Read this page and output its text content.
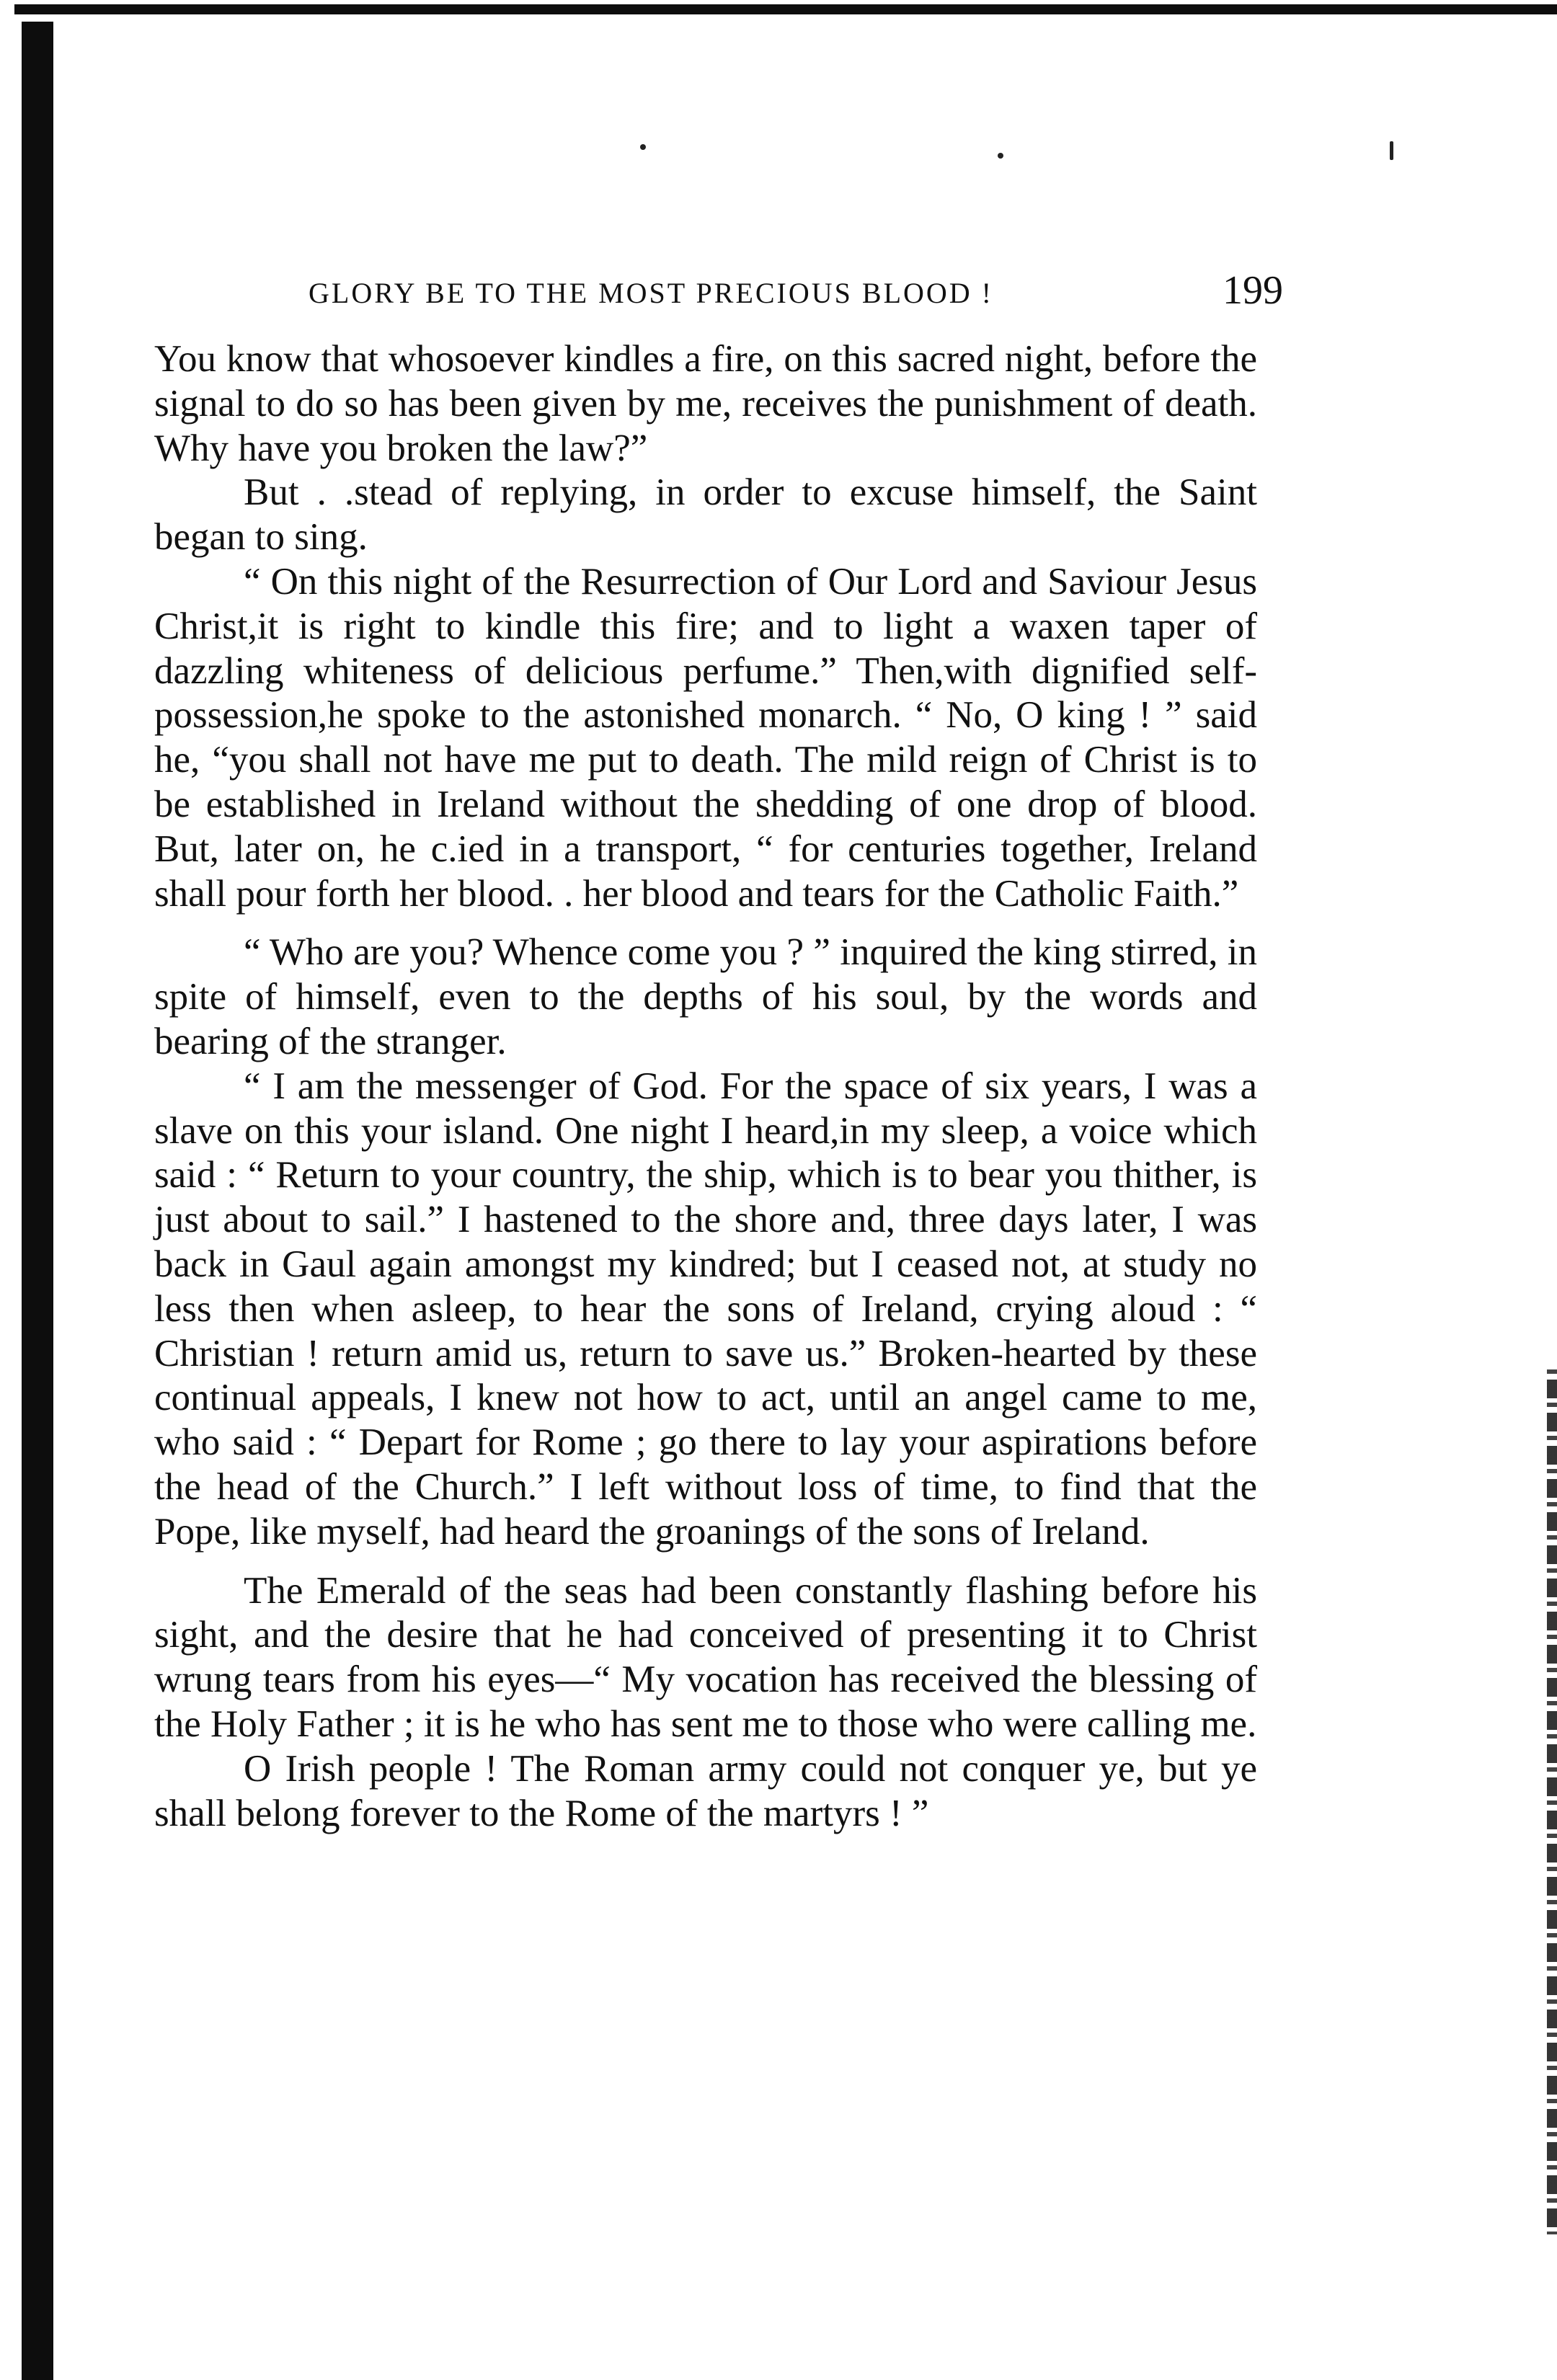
GLORY BE TO THE MOST PRECIOUS BLOOD !	199

You know that whosoever kindles a fire, on this sacred night, before the signal to do so has been given by me, receives the punishment of death. Why have you broken the law?”

But . .stead of replying, in order to excuse himself, the Saint began to sing.

“ On this night of the Resurrection of Our Lord and Saviour Jesus Christ,it is right to kindle this fire; and to light a waxen taper of dazzling whiteness of delicious perfume.” Then,with dignified self-possession,he spoke to the astonished monarch. “ No, O king ! ” said he, “you shall not have me put to death. The mild reign of Christ is to be established in Ireland without the shedding of one drop of blood. But, later on, he c.ied in a transport, “ for centuries together, Ireland shall pour forth her blood. . her blood and tears for the Catholic Faith.”

“ Who are you? Whence come you ? ” inquired the king stirred, in spite of himself, even to the depths of his soul, by the words and bearing of the stranger.

“ I am the messenger of God. For the space of six years, I was a slave on this your island. One night I heard,in my sleep, a voice which said : “ Return to your country, the ship, which is to bear you thither, is just about to sail.” I hastened to the shore and, three days later, I was back in Gaul again amongst my kindred; but I ceased not, at study no less then when asleep, to hear the sons of Ireland, crying aloud : “ Christian ! return amid us, return to save us.” Broken-hearted by these continual appeals, I knew not how to act, until an angel came to me, who said : “ Depart for Rome ; go there to lay your aspirations before the head of the Church.” I left without loss of time, to find that the Pope, like myself, had heard the groanings of the sons of Ireland.

The Emerald of the seas had been constantly flashing before his sight, and the desire that he had conceived of presenting it to Christ wrung tears from his eyes—“ My vocation has received the blessing of the Holy Father ; it is he who has sent me to those who were calling me.

O Irish people ! The Roman army could not conquer ye, but ye shall belong forever to the Rome of the martyrs ! ”
